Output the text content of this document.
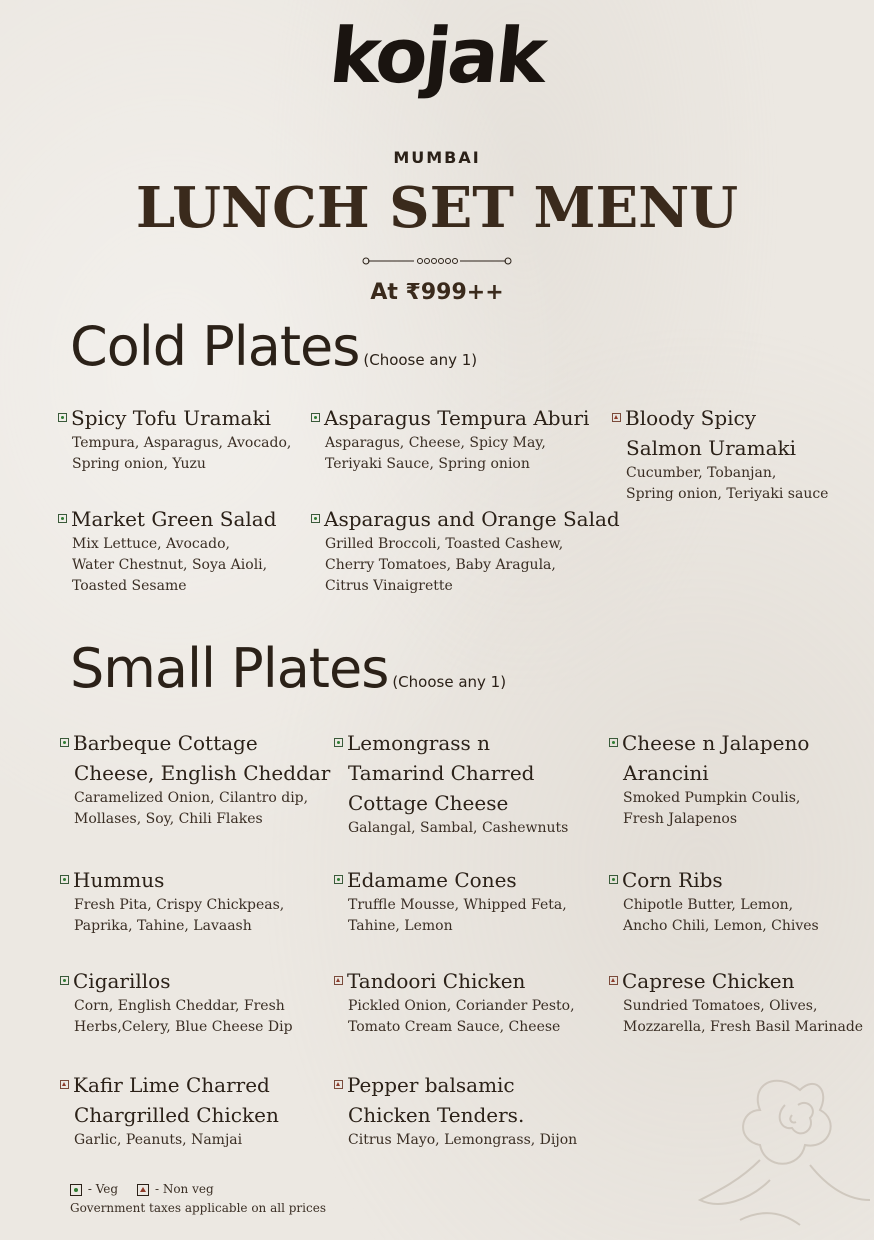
kojak
MUMBAI
LUNCH SET MENU
At ₹999++
Cold Plates (Choose any 1)
Spicy Tofu Uramaki
Tempura, Asparagus, Avocado,
Spring onion, Yuzu
Asparagus Tempura Aburi
Asparagus, Cheese, Spicy May,
Teriyaki Sauce, Spring onion
Bloody Spicy
Salmon Uramaki
Cucumber, Tobanjan,
Spring onion, Teriyaki sauce
Market Green Salad
Mix Lettuce, Avocado,
Water Chestnut, Soya Aioli,
Toasted Sesame
Asparagus and Orange Salad
Grilled Broccoli, Toasted Cashew,
Cherry Tomatoes, Baby Aragula,
Citrus Vinaigrette
Small Plates (Choose any 1)
Barbeque Cottage
Cheese, English Cheddar
Caramelized Onion, Cilantro dip,
Mollases, Soy, Chili Flakes
Lemongrass n
Tamarind Charred
Cottage Cheese
Galangal, Sambal, Cashewnuts
Cheese n Jalapeno
Arancini
Smoked Pumpkin Coulis,
Fresh Jalapenos
Hummus
Fresh Pita, Crispy Chickpeas,
Paprika, Tahine, Lavaash
Edamame Cones
Truffle Mousse, Whipped Feta,
Tahine, Lemon
Corn Ribs
Chipotle Butter, Lemon,
Ancho Chili, Lemon, Chives
Cigarillos
Corn, English Cheddar, Fresh
Herbs,Celery, Blue Cheese Dip
Tandoori Chicken
Pickled Onion, Coriander Pesto,
Tomato Cream Sauce, Cheese
Caprese Chicken
Sundried Tomatoes, Olives,
Mozzarella, Fresh Basil Marinade
Kafir Lime Charred
Chargrilled Chicken
Garlic, Peanuts, Namjai
Pepper balsamic
Chicken Tenders.
Citrus Mayo, Lemongrass, Dijon
- Veg	- Non veg
Government taxes applicable on all prices
